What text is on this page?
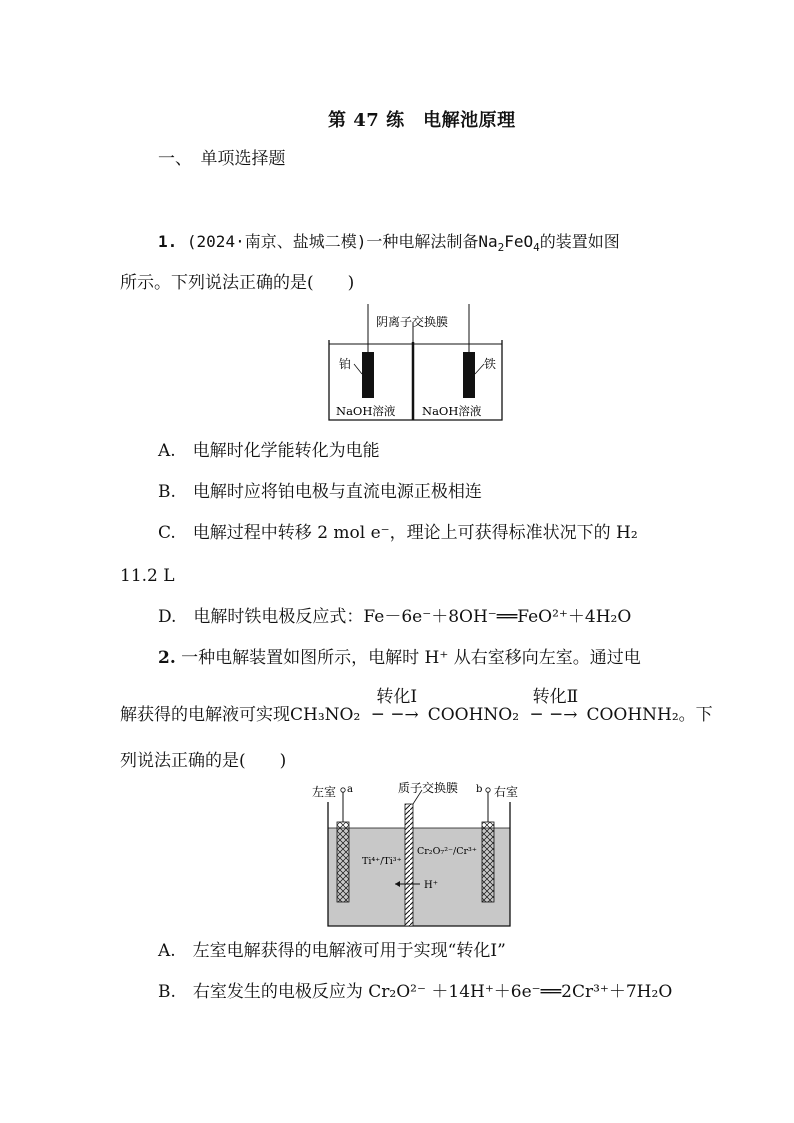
第 47 练　电解池原理
一、　单项选择题
1. (2024·南京、盐城二模)一种电解法制备$Na_2FeO_4$的装置如图
所示。下列说法正确的是(　　)
阴离子交换膜
铂	铁
NaOH溶液 NaOH溶液
A.　电解时化学能转化为电能
B.　电解时应将铂电极与直流电源正极相连
C.　电解过程中转移 2 mol e⁻，理论上可获得标准状况下的 H₂
11.2 L
D.　电解时铁电极反应式：Fe－6e⁻＋8OH⁻══FeO²⁺＋4H₂O
2. 一种电解装置如图所示，电解时 H⁺ 从右室移向左室。通过电
解获得的电解液可实现CH₃NO₂
转化Ⅰ
─ ─→ COOHNO₂
转化Ⅱ
─ ─→ COOHNH₂。下
列说法正确的是(　　)
质子交换膜
左室 a	b 右室
Ti⁴⁺/Ti³⁺
Cr₂O₇²⁻/Cr³⁺
H⁺
A.　左室电解获得的电解液可用于实现“转化Ⅰ”
B.　右室发生的电极反应为 Cr₂O²⁻ ＋14H⁺＋6e⁻══2Cr³⁺＋7H₂O
